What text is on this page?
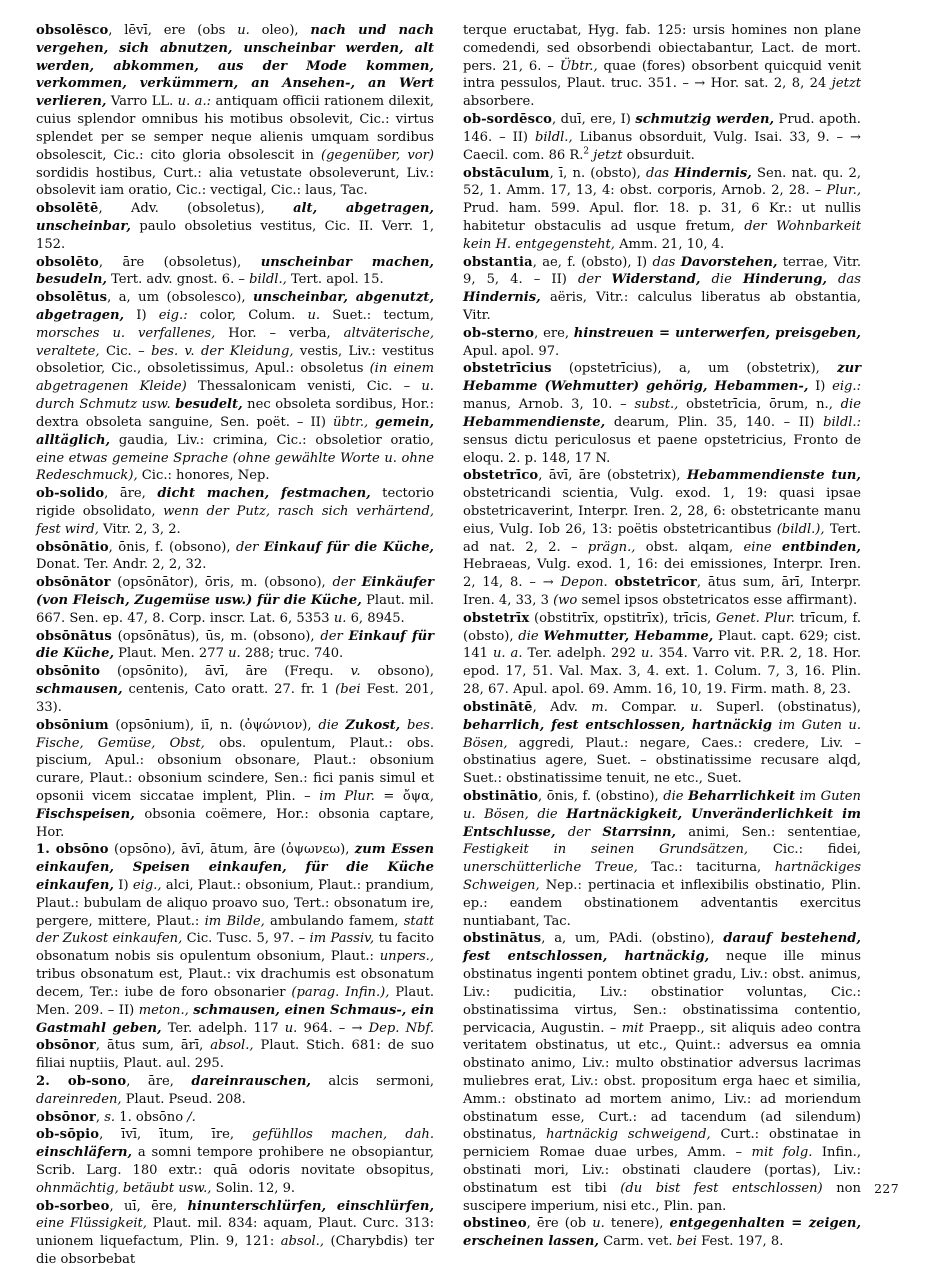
obsolēsco, lēvī, ere (obs u. oleo), nach und nach vergehen, sich abnutzen, unscheinbar werden, alt werden, abkommen, aus der Mode kommen, verkommen, verkümmern, an Ansehen-, an Wert verlieren, Varro LL. u. a.: antiquam officii rationem dilexit, cuius splendor omnibus his motibus obsolevit, Cic.: virtus splendet per se semper neque alienis umquam sordibus obsolescit, Cic.: cito gloria obsolescit in (gegenüber, vor) sordidis hostibus, Curt.: alia vetustate obsoleverunt, Liv.: obsolevit iam oratio, Cic.: vectigal, Cic.: laus, Tac.

obsolētē, Adv. (obsoletus), alt, abgetragen, unscheinbar, paulo obsoletius vestitus, Cic. II. Verr. 1, 152.

obsolēto, āre (obsoletus), unscheinbar machen, besudeln, Tert. adv. gnost. 6. – bildl., Tert. apol. 15.

obsolētus, a, um (obsolesco), unscheinbar, abgenutzt, abgetragen, I) eig.: color, Colum. u. Suet.: tectum, morsches u. verfallenes, Hor. – verba, altväterische, veraltete, Cic. – bes. v. der Kleidung, vestis, Liv.: vestitus obsoletior, Cic., obsoletissimus, Apul.: obsoletus (in einem abgetragenen Kleide) Thessalonicam venisti, Cic. – u. durch Schmutz usw. besudelt, nec obsoleta sordibus, Hor.: dextra obsoleta sanguine, Sen. poët. – II) übtr., gemein, alltäglich, gaudia, Liv.: crimina, Cic.: obsoletior oratio, eine etwas gemeine Sprache (ohne gewählte Worte u. ohne Redeschmuck), Cic.: honores, Nep.

ob-solido, āre, dicht machen, festmachen, tectorio rigide obsolidato, wenn der Putz, rasch sich verhärtend, fest wird, Vitr. 2, 3, 2.

obsōnātio, ōnis, f. (obsono), der Einkauf für die Küche, Donat. Ter. Andr. 2, 2, 32.

obsōnātor (opsōnātor), ōris, m. (obsono), der Einkäufer (von Fleisch, Zugemüse usw.) für die Küche, Plaut. mil. 667. Sen. ep. 47, 8. Corp. inscr. Lat. 6, 5353 u. 6, 8945.

obsōnātus (opsōnātus), ūs, m. (obsono), der Einkauf für die Küche, Plaut. Men. 277 u. 288; truc. 740.

obsōnito (opsōnito), āvī, āre (Frequ. v. obsono), schmausen, centenis, Cato oratt. 27. fr. 1 (bei Fest. 201, 33).

obsōnium (opsōnium), iī, n. (ὀψώνιον), die Zukost, bes. Fische, Gemüse, Obst, obs. opulentum, Plaut.: obs. piscium, Apul.: obsonium obsonare, Plaut.: obsonium curare, Plaut.: obsonium scindere, Sen.: fici panis simul et opsonii vicem siccatae implent, Plin. – im Plur. = ὄψα, Fischspeisen, obsonia coëmere, Hor.: obsonia captare, Hor.

1. obsōno (opsōno), āvī, ātum, āre (ὀψωνεω), zum Essen einkaufen, Speisen einkaufen, für die Küche einkaufen, I) eig., alci, Plaut.: obsonium, Plaut.: prandium, Plaut.: bubulam de aliquo proavo suo, Tert.: obsonatum ire, pergere, mittere, Plaut.: im Bilde, ambulando famem, statt der Zukost einkaufen, Cic. Tusc. 5, 97. – im Passiv, tu facito obsonatum nobis sis opulentum obsonium, Plaut.: unpers., tribus obsonatum est, Plaut.: vix drachumis est obsonatum decem, Ter.: iube de foro obsonarier (parag. Infin.), Plaut. Men. 209. – II) meton., schmausen, einen Schmaus-, ein Gastmahl geben, Ter. adelph. 117 u. 964. – → Dep. Nbf. obsōnor, ātus sum, ārī, absol., Plaut. Stich. 681: de suo filiai nuptiis, Plaut. aul. 295.

2. ob-sono, āre, dareinrauschen, alcis sermoni, dareinreden, Plaut. Pseud. 208.

obsōnor, s. 1. obsōno /.

ob-sōpio, īvī, ītum, īre, gefühllos machen, dah. einschläfern, a somni tempore prohibere ne obsopiantur, Scrib. Larg. 180 extr.: quā odoris novitate obsopitus, ohnmächtig, betäubt usw., Solin. 12, 9.

ob-sorbeo, uī, ēre, hinunterschlürfen, einschlürfen, eine Flüssigkeit, Plaut. mil. 834: aquam, Plaut. Curc. 313: unionem liquefactum, Plin. 9, 121: absol., (Charybdis) ter die obsorbebat

terque eructabat, Hyg. fab. 125: ursis homines non plane comedendi, sed obsorbendi obiectabantur, Lact. de mort. pers. 21, 6. – Übtr., quae (fores) obsorbent quicquid venit intra pessulos, Plaut. truc. 351. – → Hor. sat. 2, 8, 24 jetzt absorbere.

ob-sordēsco, duī, ere, I) schmutzig werden, Prud. apoth. 146. – II) bildl., Libanus obsorduit, Vulg. Isai. 33, 9. – → Caecil. com. 86 R.$^2$ jetzt obsurduit.

obstāculum, ī, n. (obsto), das Hindernis, Sen. nat. qu. 2, 52, 1. Amm. 17, 13, 4: obst. corporis, Arnob. 2, 28. – Plur., Prud. ham. 599. Apul. flor. 18. p. 31, 6 Kr.: ut nullis habitetur obstaculis ad usque fretum, der Wohnbarkeit kein H. entgegensteht, Amm. 21, 10, 4.

obstantia, ae, f. (obsto), I) das Davorstehen, terrae, Vitr. 9, 5, 4. – II) der Widerstand, die Hinderung, das Hindernis, aëris, Vitr.: calculus liberatus ab obstantia, Vitr.

ob-sterno, ere, hinstreuen = unterwerfen, preisgeben, Apul. apol. 97.

obstetrīcius (opstetrīcius), a, um (obstetrix), zur Hebamme (Wehmutter) gehörig, Hebammen-, I) eig.: manus, Arnob. 3, 10. – subst., obstetrīcia, ōrum, n., die Hebammendienste, dearum, Plin. 35, 140. – II) bildl.: sensus dictu periculosus et paene opstetricius, Fronto de eloqu. 2. p. 148, 17 N.

obstetrīco, āvī, āre (obstetrix), Hebammendienste tun, obstetricandi scientia, Vulg. exod. 1, 19: quasi ipsae obstetricaverint, Interpr. Iren. 2, 28, 6: obstetricante manu eius, Vulg. Iob 26, 13: poëtis obstetricantibus (bildl.), Tert. ad nat. 2, 2. – prägn., obst. alqam, eine entbinden, Hebraeas, Vulg. exod. 1, 16: dei emissiones, Interpr. Iren. 2, 14, 8. – → Depon. obstetrīcor, ātus sum, ārī, Interpr. Iren. 4, 33, 3 (wo semel ipsos obstetricatos esse affirmant).

obstetrīx (obstitrīx, opstitrīx), trīcis, Genet. Plur. trīcum, f. (obsto), die Wehmutter, Hebamme, Plaut. capt. 629; cist. 141 u. a. Ter. adelph. 292 u. 354. Varro vit. P.R. 2, 18. Hor. epod. 17, 51. Val. Max. 3, 4. ext. 1. Colum. 7, 3, 16. Plin. 28, 67. Apul. apol. 69. Amm. 16, 10, 19. Firm. math. 8, 23.

obstinātē, Adv. m. Compar. u. Superl. (obstinatus), beharrlich, fest entschlossen, hartnäckig im Guten u. Bösen, aggredi, Plaut.: negare, Caes.: credere, Liv. – obstinatius agere, Suet. – obstinatissime recusare alqd, Suet.: obstinatissime tenuit, ne etc., Suet.

obstinātio, ōnis, f. (obstino), die Beharrlichkeit im Guten u. Bösen, die Hartnäckigkeit, Unveränderlichkeit im Entschlusse, der Starrsinn, animi, Sen.: sententiae, Festigkeit in seinen Grundsätzen, Cic.: fidei, unerschütterliche Treue, Tac.: taciturna, hartnäckiges Schweigen, Nep.: pertinacia et inflexibilis obstinatio, Plin. ep.: eandem obstinationem adventantis exercitus nuntiabant, Tac.

obstinātus, a, um, PAdi. (obstino), darauf bestehend, fest entschlossen, hartnäckig, neque ille minus obstinatus ingenti pontem obtinet gradu, Liv.: obst. animus, Liv.: pudicitia, Liv.: obstinatior voluntas, Cic.: obstinatissima virtus, Sen.: obstinatissima contentio, pervicacia, Augustin. – mit Praepp., sit aliquis adeo contra veritatem obstinatus, ut etc., Quint.: adversus ea omnia obstinato animo, Liv.: multo obstinatior adversus lacrimas muliebres erat, Liv.: obst. propositum erga haec et similia, Amm.: obstinato ad mortem animo, Liv.: ad moriendum obstinatum esse, Curt.: ad tacendum (ad silendum) obstinatus, hartnäckig schweigend, Curt.: obstinatae in perniciem Romae duae urbes, Amm. – mit folg. Infin., obstinati mori, Liv.: obstinati claudere (portas), Liv.: obstinatum est tibi (du bist fest entschlossen) non suscipere imperium, nisi etc., Plin. pan.

obstineo, ēre (ob u. tenere), entgegenhalten = zeigen, erscheinen lassen, Carm. vet. bei Fest. 197, 8.

227
